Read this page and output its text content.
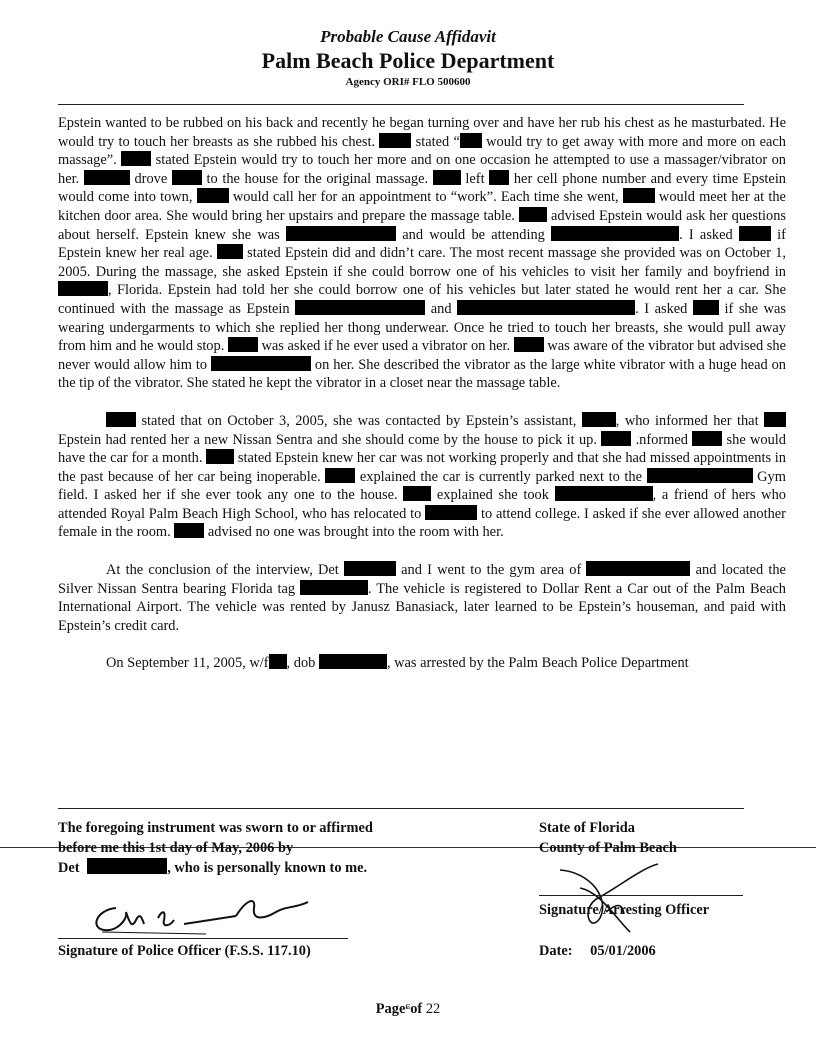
Probable Cause Affidavit
Palm Beach Police Department
Agency ORI# FLO 500600

Epstein wanted to be rubbed on his back and recently he began turning over and have her rub his chest as he masturbated. He would try to touch her breasts as she rubbed his chest.	stated “ would try to get away with more and more on each massage”.	stated Epstein would try to touch her more and on one occasion he attempted to use a massager/vibrator on her.	drove	to the house for the original massage.	left her cell phone number and every time Epstein would come into town,	would call her for an appointment to “work”. Each time she went,	would meet her at the kitchen door area. She would bring her upstairs and prepare the massage table.	advised Epstein would ask her questions about herself. Epstein knew she was	and would be attending	. I asked	if Epstein knew her real age. stated Epstein did and didn’t care. The most recent massage she provided was on October 1, 2005. During the massage, she asked Epstein if she could borrow one of his vehicles to visit her family and boyfriend in , Florida. Epstein had told her she could borrow one of his vehicles but later stated he would rent her a car. She continued with the massage as Epstein	and	. I asked	if she was wearing undergarments to which she replied her thong underwear. Once he tried to touch her breasts, she would pull away from him and he would stop.	was asked if he ever used a vibrator on her.	was aware of the vibrator but advised she never would allow him to	on her. She described the vibrator as the large white vibrator with a huge head on the tip of the vibrator. She stated he kept the vibrator in a closet near the massage table.

stated that on October 3, 2005, she was contacted by Epstein’s assistant,	, who informed her that Epstein had rented her a new Nissan Sentra and she should come by the house to pick it up.	.nformed	she would have the car for a month. stated Epstein knew her car was not working properly and that she had missed appointments in the past because of her car being inoperable.	explained the car is currently parked next to the	Gym field. I asked her if she ever took any one to the house.	explained she took	, a friend of hers who attended Royal Palm Beach High School, who has relocated to	to attend college. I asked if she ever allowed another female in the room.	advised no one was brought into the room with her.

At the conclusion of the interview, Det	and I went to the gym area of	and located the Silver Nissan Sentra bearing Florida tag	. The vehicle is registered to Dollar Rent a Car out of the Palm Beach International Airport. The vehicle was rented by Janusz Banasiack, later learned to be Epstein’s houseman, and paid with Epstein’s credit card.

On September 11, 2005, w/f , dob	, was arrested by the Palm Beach Police Department

The foregoing instrument was sworn to or affirmed
before me this 1st day of May, 2006 by
Det	, who is personally known to me.
State of Florida
County of Palm Beach
Signature of Police Officer (F.S.S. 117.10)
Signature/Arresting Officer
Date: 05/01/2006
Page$^ɕ$of 22
